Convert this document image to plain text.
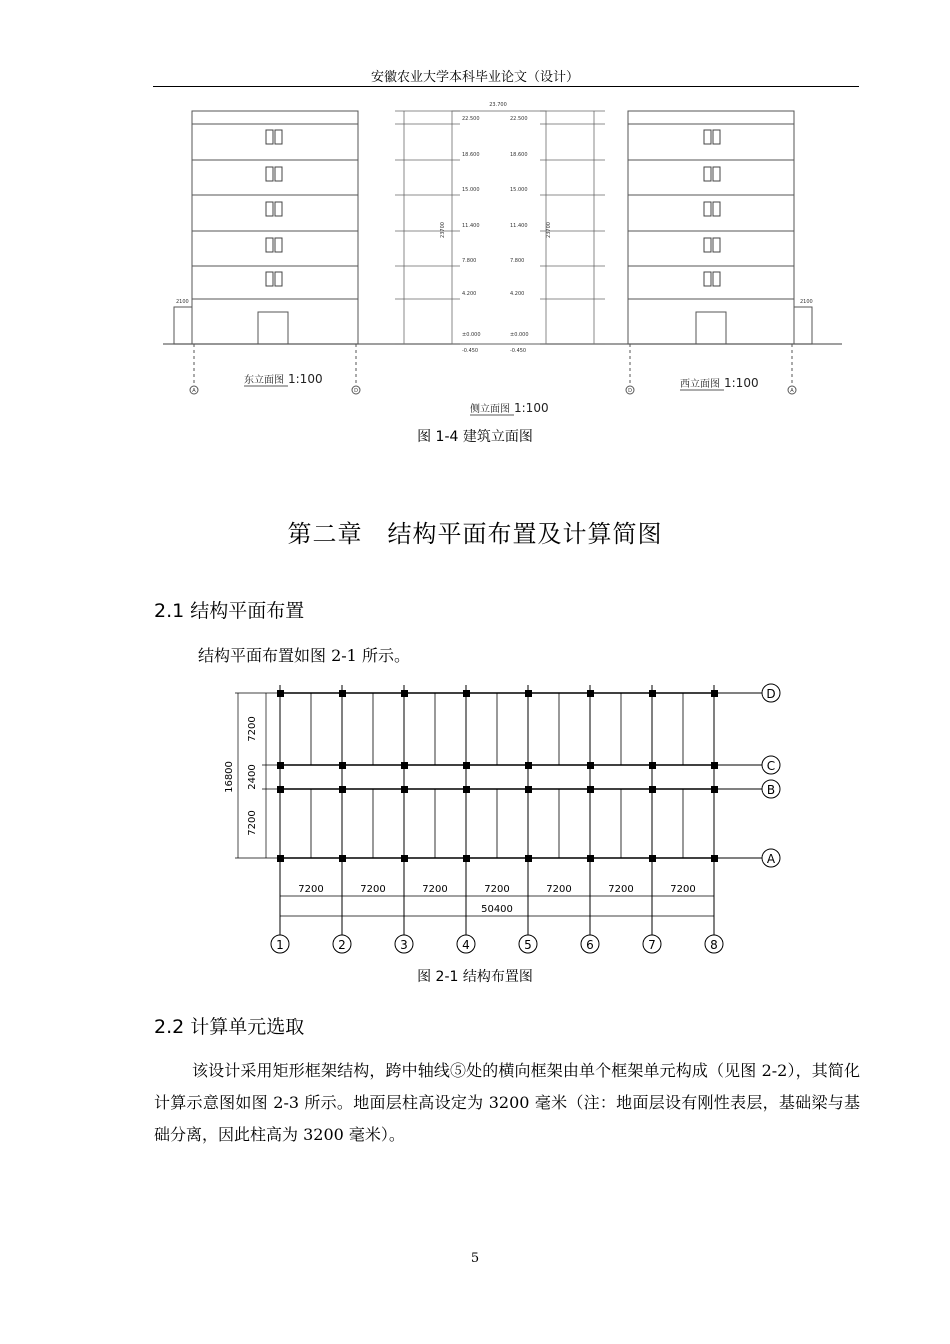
安徽农业大学本科毕业论文（设计）
23.700
22.500	22.500
18.600	18.600
15.000	15.000
11.400	11.400
7.800	7.800
4.200	4.200
±0.000	±0.000
-0.450	-0.450
2100	2100
23700	23700
A	D	D	A
东立面图 1:100	西立面图 1:100
侧立面图 1:100
图 1-4 建筑立面图
第二章　结构平面布置及计算简图
2.1 结构平面布置
结构平面布置如图 2-1 所示。
D
C
B
A
1	2	3	4	5	6	7	8
7200	7200	7200	7200	7200	7200	7200
50400
7200
2400
7200
16800
图 2-1 结构布置图
2.2 计算单元选取
该设计采用矩形框架结构，跨中轴线⑤处的横向框架由单个框架单元构成（见图 2-2），其简化计算示意图如图 2-3 所示。地面层柱高设定为 3200 毫米（注：地面层设有刚性表层，基础梁与基础分离，因此柱高为 3200 毫米）。
5
